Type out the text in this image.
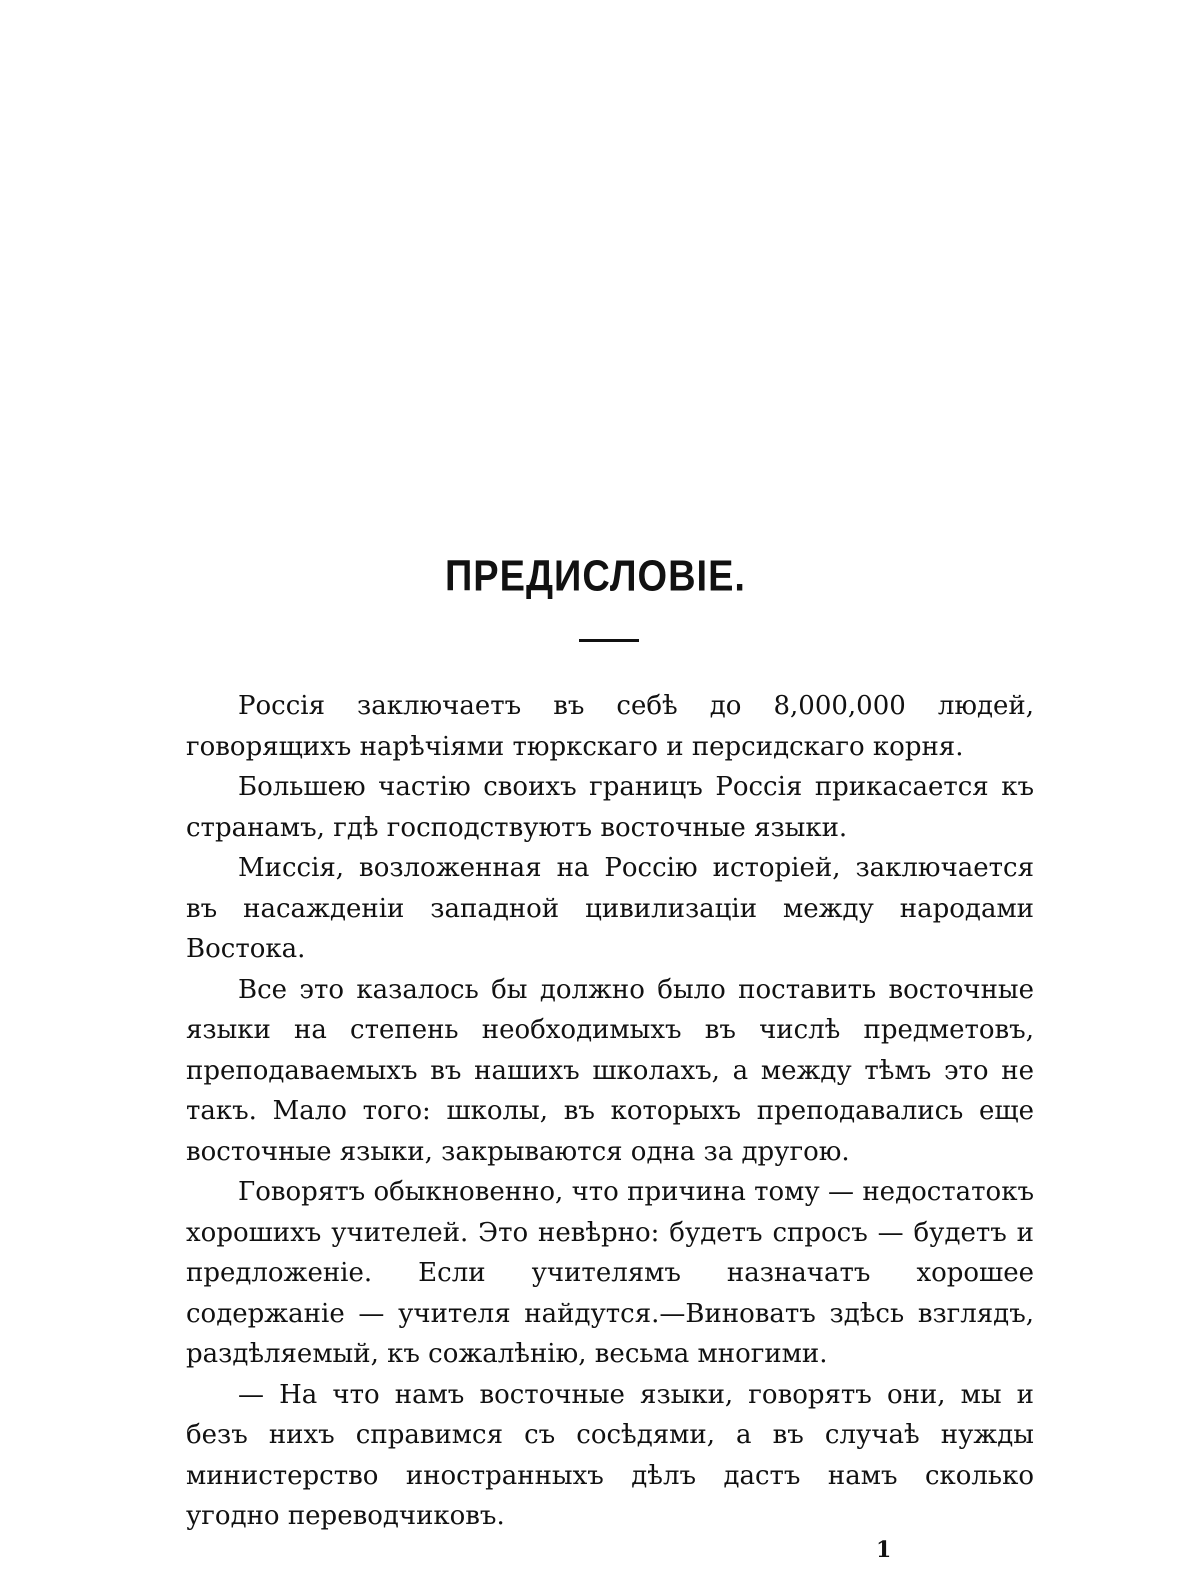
ПРЕДИСЛОВІЕ.

Россія заключаетъ въ себѣ до 8,000,000 людей, говорящихъ нарѣчіями тюркскаго и персидскаго корня.

Большею частію своихъ границъ Россія прикасается къ странамъ, гдѣ господствуютъ восточные языки.

Миссія, возложенная на Россію исторіей, заключается въ насажденіи западной цивилизаціи между народами Востока.

Все это казалось бы должно было поставить восточные языки на степень необходимыхъ въ числѣ предметовъ, преподаваемыхъ въ нашихъ школахъ, а между тѣмъ это не такъ. Мало того: школы, въ которыхъ преподавались еще восточные языки, закрываются одна за другою.

Говорятъ обыкновенно, что причина тому — недостатокъ хорошихъ учителей. Это невѣрно: будетъ спросъ — будетъ и предложеніе. Если учителямъ назначатъ хорошее содержаніе — учителя найдутся.—Виноватъ здѣсь взглядъ, раздѣляемый, къ сожалѣнію, весьма многими.

— На что намъ восточные языки, говорятъ они, мы и безъ нихъ справимся съ сосѣдями, а въ случаѣ нужды министерство иностранныхъ дѣлъ дастъ намъ сколько угодно переводчиковъ.

1
